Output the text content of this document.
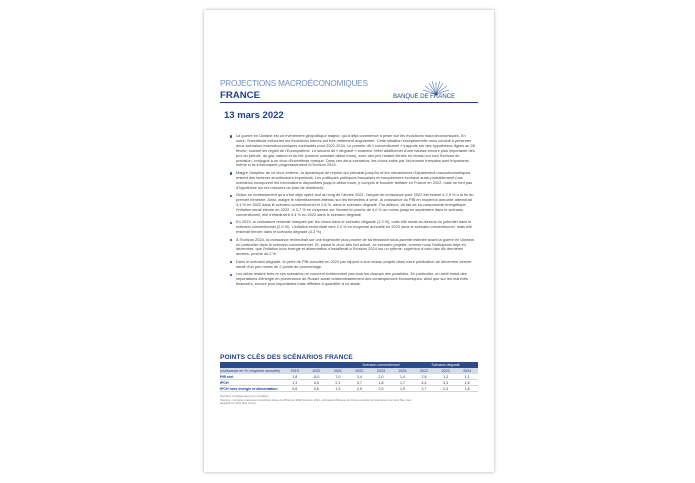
PROJECTIONS MACROÉCONOMIQUES
FRANCE	BANQUE DE FRANCE
13 mars 2022
La guerre en Ukraine est un événement géopolitique majeur, qui a déjà commencé à peser sur les évolutions macroéconomiques. En outre, l'incertitude entourant les évolutions futures est très nettement augmentée. Cette situation exceptionnelle nous conduit à présenter deux scénarios macroéconomiques contrastés pour 2022-2024. Le premier dit « conventionnel » s'appuie sur des hypothèses figées au 28 février, suivant les règles de l'Eurosystème. Le second dit « dégradé » examine l'effet additionnel d'une hausse encore plus importante des prix du pétrole, du gaz naturel et du blé (comme constaté début mars), avec des prix restant élevés en niveau sur tout l'horizon de prévision, conjugué à un choc d'incertitude marqué. Dans ces deux scénarios, les chocs subis par l'économie française sont importants même si ils s'estompent progressivement à l'horizon 2024.
Malgré l'ampleur de ce choc externe, la dynamique de reprise qui prévalait jusqu'ici et les mécanismes d'ajustement macroéconomiques restent des facteurs amortisseurs importants. Les politiques publiques françaises et européennes évoluent aussi probablement (nos scénarios incorporent les informations disponibles jusqu'à début mars, y compris le bouclier tarifaire en France en 2022, mais ne font pas d'hypothèse sur les mesures du plan de résilience).
Grâce au redressement qu'a s'est déjà opéré tout au long de l'année 2021, l'acquis de croissance pour 2022 est estimé à 2,9 % à la fin du premier trimestre. Ainsi, malgré le ralentissement attendu sur les trimestres à venir, la croissance du PIB en moyenne annuelle atteindrait 3,4 % en 2022 dans le scénario conventionnel et 2,8 %, dans le scénario dégradé. Par ailleurs, du fait de sa composante énergétique, l'inflation serait élevée en 2022 : à 3,7 % en moyenne sur l'année et proche de 4,0 % au moins jusqu'en septembre dans le scénario conventionnel, elle s'établirait à 4,4 % en 2022 dans le scénario dégradé.
En 2023, la croissance resterait marquée par les chocs dans le scénario dégradé (1,3 %), mais elle serait au-dessus du potentiel dans le scénario conventionnel (2,0 %). L'inflation reviendrait vers 2,0 % en moyenne annuelle en 2023 dans le scénario conventionnel, mais elle resterait élevée dans le scénario dégradé (3,3 %).
À l'horizon 2024, la croissance reviendrait sur une trajectoire plus proche de sa tendance sous-jacente estimée avant la guerre en Ukraine, en particulier dans le scénario conventionnel. Et, passé le choc très fort actuel, ce scénario projette, comme nous l'anticipions déjà en décembre, que l'inflation hors énergie et alimentation s'installerait à l'horizon 2024 sur un rythme, supérieur à celui des dix dernières années, proche de 2 %.
Dans le scénario dégradé, la perte de PIB cumulée en 2024 par rapport à son niveau projeté dans notre publication de décembre dernier serait d'un peu moins de 2 points de pourcentage.
Les aléas restent forts et ces scénarios ne couvrent évidemment pas tous les champs des possibles. En particulier, un arrêt brutal des importations d'énergie en provenance de Russie aurait vraisemblablement des conséquences économiques, ainsi que sur les marchés financiers, encore plus importantes mais difficiles à quantifier à ce stade.
POINTS CLÉS DES SCÉNARIOS FRANCE
				Scénario conventionnel			Scénario dégradé		
(croissance en %, moyenne annuelle)	2019	2020	2021	2022	2023	2024	2022	2023	2024
PIB réel	1,8	-8,0	7,0	3,4	2,0	1,4	2,8	1,3	1,1
IPCH	1,3	0,5	2,1	3,7	1,8	1,7	4,4	3,3	1,6
IPCH hors énergie et alimentation	0,6	0,6	1,3	2,5	2,0	1,9	2,7	2,3	1,8
Données corrigées des jours ouvrables.
Sources : Comptes nationaux trimestriels Insee du 28 février 2022 jusqu'en 2021, estimations Banque de France ensuite (conventionnel sur fond bleu clair, dégradé sur fond bleu foncé).
